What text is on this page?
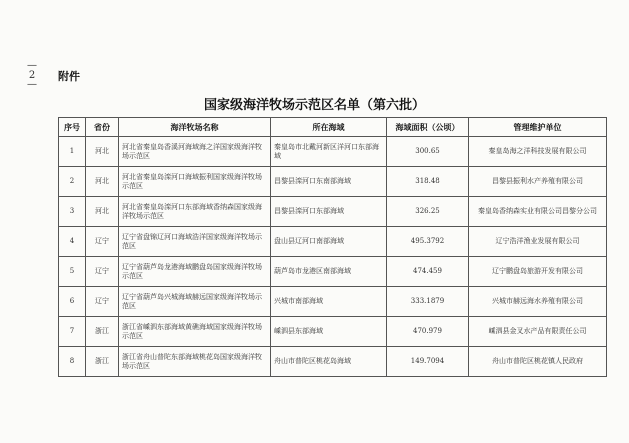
—
2
—
附件
国家级海洋牧场示范区名单（第六批）
序号	省份	海洋牧场名称	所在海域	海域面积（公顷）	管理维护单位
1	河北	河北省秦皇岛香溪河海域海之洋国家级海洋牧场示范区	秦皇岛市北戴河新区洋河口东部海域	300.65	秦皇岛海之洋科技发展有限公司
2	河北	河北省秦皇岛滦河口海域振利国家级海洋牧场示范区	昌黎县滦河口东南部海域	318.48	昌黎县振利水产养殖有限公司
3	河北	河北省秦皇岛滦河口东部海域香纳森国家级海洋牧场示范区	昌黎县滦河口东部海域	326.25	秦皇岛香纳森实业有限公司昌黎分公司
4	辽宁	辽宁省盘锦辽河口海域浩洋国家级海洋牧场示范区	盘山县辽河口南部海域	495.3792	辽宁浩洋渔业发展有限公司
5	辽宁	辽宁省葫芦岛龙港海域鹏盘岛国家级海洋牧场示范区	葫芦岛市龙港区南部海域	474.459	辽宁鹏盘岛旅游开发有限公司
6	辽宁	辽宁省葫芦岛兴城海域赫远国家级海洋牧场示范区	兴城市南部海域	333.1879	兴城市赫远海水养殖有限公司
7	浙江	浙江省嵊泗东部海域黄礁海域国家级海洋牧场示范区	嵊泗县东部海域	470.979	嵊泗县金叉水产品有限责任公司
8	浙江	浙江省舟山普陀东部海域桃花岛国家级海洋牧场示范区	舟山市普陀区桃花岛海域	149.7094	舟山市普陀区桃花镇人民政府
